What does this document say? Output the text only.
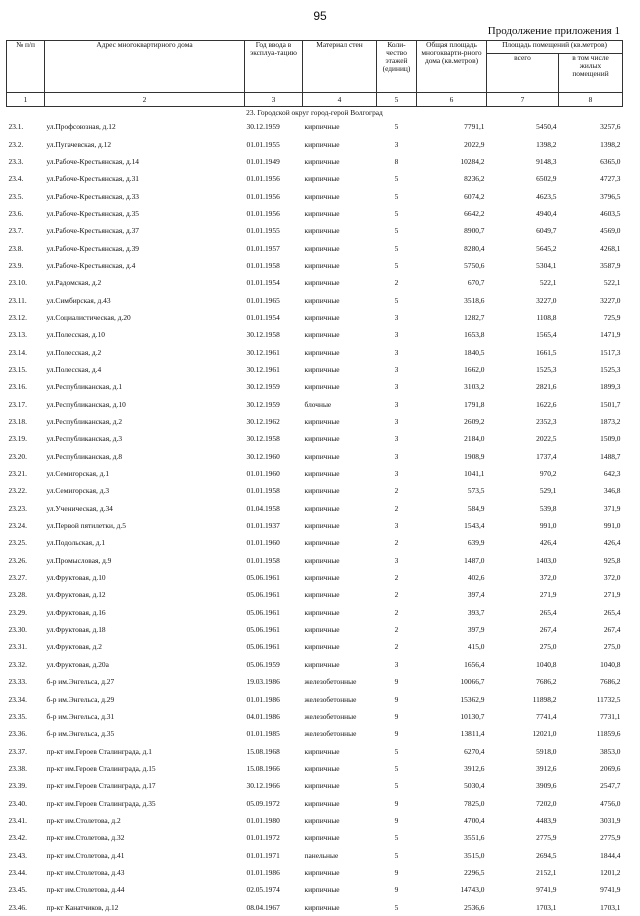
95
Продолжение приложения 1
№ п/п	Адрес многоквартирного дома	Год ввода в эксплуа-тацию	Материал стен	Коли-чество этажей (единиц)	Общая площадь многокварти-рного дома (кв.метров)	Площадь помещений (кв.метров)	
						всего	в том числе жилых помещений
1	2	3	4	5	6	7	8
23. Городской округ город-герой Волгоград							
23.1.	ул.Профсоюзная, д.12	30.12.1959	кирпичные	5	7791,1	5450,4	3257,6
23.2.	ул.Пугачевская, д.12	01.01.1955	кирпичные	3	2022,9	1398,2	1398,2
23.3.	ул.Рабоче-Крестьянская, д.14	01.01.1949	кирпичные	8	10284,2	9148,3	6365,0
23.4.	ул.Рабоче-Крестьянская, д.31	01.01.1956	кирпичные	5	8236,2	6502,9	4727,3
23.5.	ул.Рабоче-Крестьянская, д.33	01.01.1956	кирпичные	5	6074,2	4623,5	3796,5
23.6.	ул.Рабоче-Крестьянская, д.35	01.01.1956	кирпичные	5	6642,2	4940,4	4603,5
23.7.	ул.Рабоче-Крестьянская, д.37	01.01.1955	кирпичные	5	8900,7	6049,7	4569,0
23.8.	ул.Рабоче-Крестьянская, д.39	01.01.1957	кирпичные	5	8280,4	5645,2	4268,1
23.9.	ул.Рабоче-Крестьянская, д.4	01.01.1958	кирпичные	5	5750,6	5304,1	3587,9
23.10.	ул.Радомская, д.2	01.01.1954	кирпичные	2	670,7	522,1	522,1
23.11.	ул.Симбирская, д.43	01.01.1965	кирпичные	5	3518,6	3227,0	3227,0
23.12.	ул.Социалистическая, д.20	01.01.1954	кирпичные	3	1282,7	1108,8	725,9
23.13.	ул.Полесская, д.10	30.12.1958	кирпичные	3	1653,8	1565,4	1471,9
23.14.	ул.Полесская, д.2	30.12.1961	кирпичные	3	1840,5	1661,5	1517,3
23.15.	ул.Полесская, д.4	30.12.1961	кирпичные	3	1662,0	1525,3	1525,3
23.16.	ул.Республиканская, д.1	30.12.1959	кирпичные	3	3103,2	2821,6	1899,3
23.17.	ул.Республиканская, д.10	30.12.1959	блочные	3	1791,8	1622,6	1501,7
23.18.	ул.Республиканская, д.2	30.12.1962	кирпичные	3	2609,2	2352,3	1873,2
23.19.	ул.Республиканская, д.3	30.12.1958	кирпичные	3	2184,0	2022,5	1509,0
23.20.	ул.Республиканская, д.8	30.12.1960	кирпичные	3	1908,9	1737,4	1488,7
23.21.	ул.Семигорская, д.1	01.01.1960	кирпичные	3	1041,1	970,2	642,3
23.22.	ул.Семигорская, д.3	01.01.1958	кирпичные	2	573,5	529,1	346,8
23.23.	ул.Ученическая, д.34	01.04.1958	кирпичные	2	584,9	539,8	371,9
23.24.	ул.Первой пятилетки, д.5	01.01.1937	кирпичные	3	1543,4	991,0	991,0
23.25.	ул.Подольская, д.1	01.01.1960	кирпичные	2	639,9	426,4	426,4
23.26.	ул.Промысловая, д.9	01.01.1958	кирпичные	3	1487,0	1403,0	925,8
23.27.	ул.Фруктовая, д.10	05.06.1961	кирпичные	2	402,6	372,0	372,0
23.28.	ул.Фруктовая, д.12	05.06.1961	кирпичные	2	397,4	271,9	271,9
23.29.	ул.Фруктовая, д.16	05.06.1961	кирпичные	2	393,7	265,4	265,4
23.30.	ул.Фруктовая, д.18	05.06.1961	кирпичные	2	397,9	267,4	267,4
23.31.	ул.Фруктовая, д.2	05.06.1961	кирпичные	2	415,0	275,0	275,0
23.32.	ул.Фруктовая, д.20а	05.06.1959	кирпичные	3	1656,4	1040,8	1040,8
23.33.	б-р им.Энгельса, д.27	19.03.1986	железобетонные	9	10066,7	7686,2	7686,2
23.34.	б-р им.Энгельса, д.29	01.01.1986	железобетонные	9	15362,9	11898,2	11732,5
23.35.	б-р им.Энгельса, д.31	04.01.1986	железобетонные	9	10130,7	7741,4	7731,1
23.36.	б-р им.Энгельса, д.35	01.01.1985	железобетонные	9	13811,4	12021,0	11859,6
23.37.	пр-кт им.Героев Сталинграда, д.1	15.08.1968	кирпичные	5	6270,4	5918,0	3853,0
23.38.	пр-кт им.Героев Сталинграда, д.15	15.08.1966	кирпичные	5	3912,6	3912,6	2069,6
23.39.	пр-кт им.Героев Сталинграда, д.17	30.12.1966	кирпичные	5	5030,4	3909,6	2547,7
23.40.	пр-кт им.Героев Сталинграда, д.35	05.09.1972	кирпичные	9	7825,0	7202,0	4756,0
23.41.	пр-кт им.Столетова, д.2	01.01.1980	кирпичные	9	4700,4	4483,9	3031,9
23.42.	пр-кт им.Столетова, д.32	01.01.1972	кирпичные	5	3551,6	2775,9	2775,9
23.43.	пр-кт им.Столетова, д.41	01.01.1971	панельные	5	3515,0	2694,5	1844,4
23.44.	пр-кт им.Столетова, д.43	01.01.1986	кирпичные	9	2296,5	2152,1	1201,2
23.45.	пр-кт им.Столетова, д.44	02.05.1974	кирпичные	9	14743,0	9741,9	9741,9
23.46.	пр-кт Канатчиков, д.12	08.04.1967	кирпичные	5	2536,6	1703,1	1703,1
